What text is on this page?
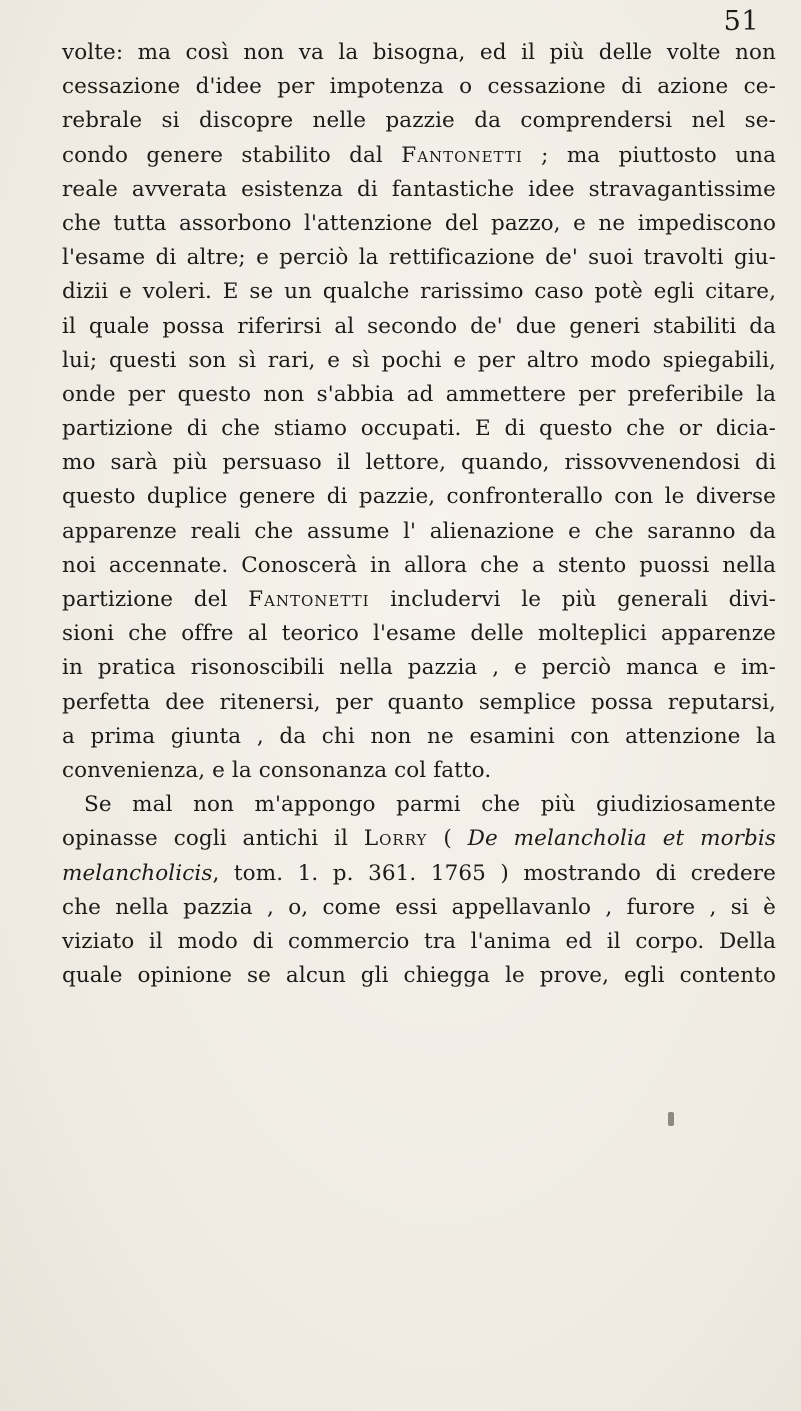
51
volte: ma così non va la bisogna, ed il più delle volte non
cessazione d'idee per impotenza o cessazione di azione ce-
rebrale si discopre nelle pazzie da comprendersi nel se-
condo genere stabilito dal Fantonetti ; ma piuttosto una
reale avverata esistenza di fantastiche idee stravagantissime
che tutta assorbono l'attenzione del pazzo, e ne impediscono
l'esame di altre; e perciò la rettificazione de' suoi travolti giu-
dizii e voleri. E se un qualche rarissimo caso potè egli citare,
il quale possa riferirsi al secondo de' due generi stabiliti da
lui; questi son sì rari, e sì pochi e per altro modo spiegabili,
onde per questo non s'abbia ad ammettere per preferibile la
partizione di che stiamo occupati. E di questo che or dicia-
mo sarà più persuaso il lettore, quando, rissovvenendosi di
questo duplice genere di pazzie, confronterallo con le diverse
apparenze reali che assume l' alienazione e che saranno da
noi accennate. Conoscerà in allora che a stento puossi nella
partizione del Fantonetti includervi le più generali divi-
sioni che offre al teorico l'esame delle molteplici apparenze
in pratica risonoscibili nella pazzia , e perciò manca e im-
perfetta dee ritenersi, per quanto semplice possa reputarsi,
a prima giunta , da chi non ne esamini con attenzione la
convenienza, e la consonanza col fatto.
Se mal non m'appongo parmi che più giudiziosamente
opinasse cogli antichi il Lorry ( De melancholia et morbis
melancholicis, tom. 1. p. 361. 1765 ) mostrando di credere
che nella pazzia , o, come essi appellavanlo , furore , si è
viziato il modo di commercio tra l'anima ed il corpo. Della
quale opinione se alcun gli chiegga le prove, egli contento
